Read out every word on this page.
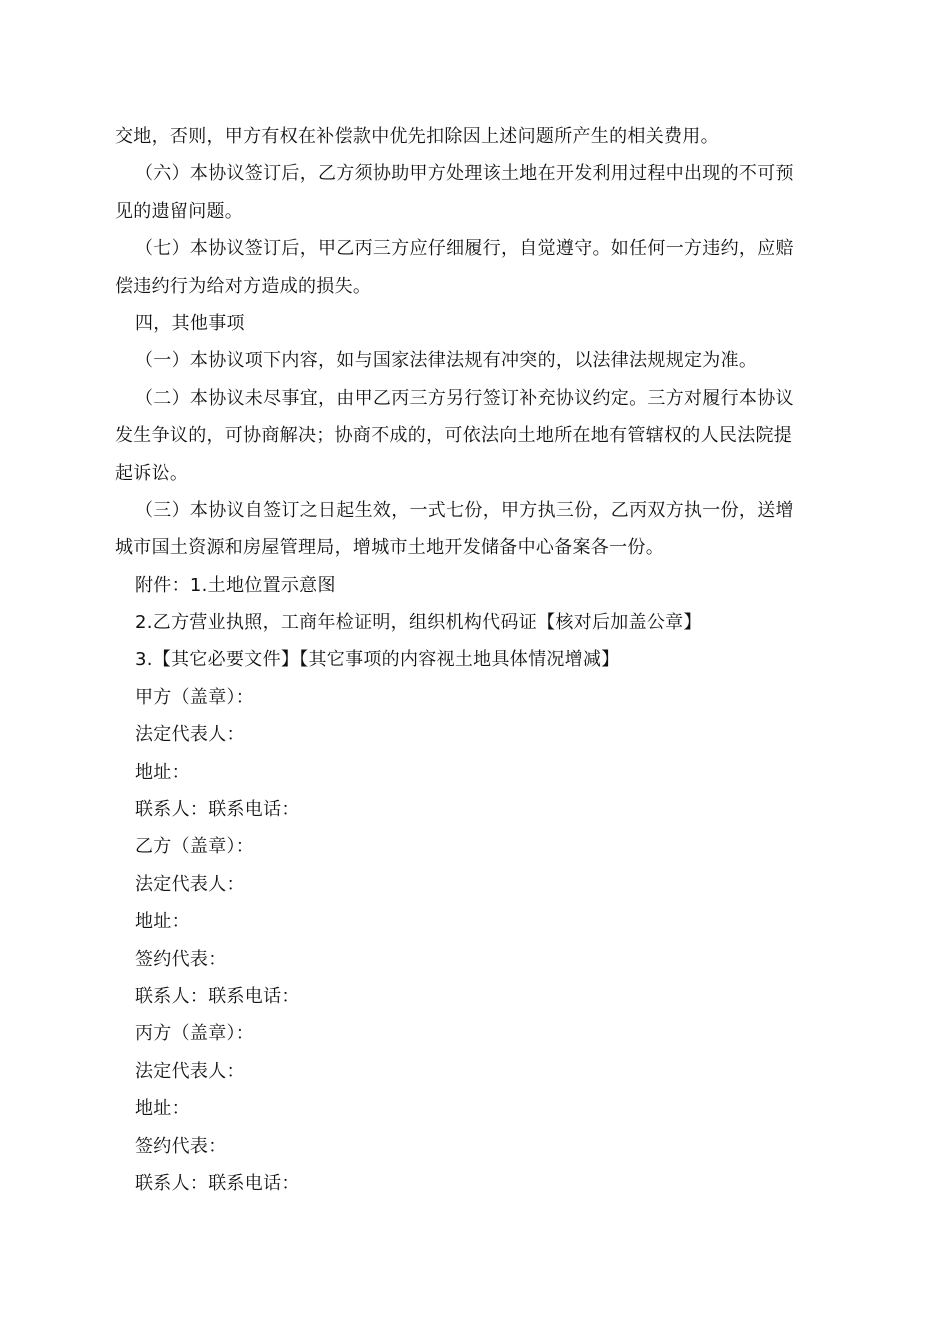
交地，否则，甲方有权在补偿款中优先扣除因上述问题所产生的相关费用。

（六）本协议签订后，乙方须协助甲方处理该土地在开发利用过程中出现的不可预

见的遗留问题。

（七）本协议签订后，甲乙丙三方应仔细履行，自觉遵守。如任何一方违约，应赔

偿违约行为给对方造成的损失。

四，其他事项

（一）本协议项下内容，如与国家法律法规有冲突的，以法律法规规定为准。

（二）本协议未尽事宜，由甲乙丙三方另行签订补充协议约定。三方对履行本协议

发生争议的，可协商解决；协商不成的，可依法向土地所在地有管辖权的人民法院提

起诉讼。

（三）本协议自签订之日起生效，一式七份，甲方执三份，乙丙双方执一份，送增

城市国土资源和房屋管理局，增城市土地开发储备中心备案各一份。

附件：1.土地位置示意图

2.乙方营业执照，工商年检证明，组织机构代码证【核对后加盖公章】

3.【其它必要文件】【其它事项的内容视土地具体情况增减】

甲方（盖章）：

法定代表人：

地址：

联系人：联系电话：

乙方（盖章）：

法定代表人：

地址：

签约代表：

联系人：联系电话：

丙方（盖章）：

法定代表人：

地址：

签约代表：

联系人：联系电话：
